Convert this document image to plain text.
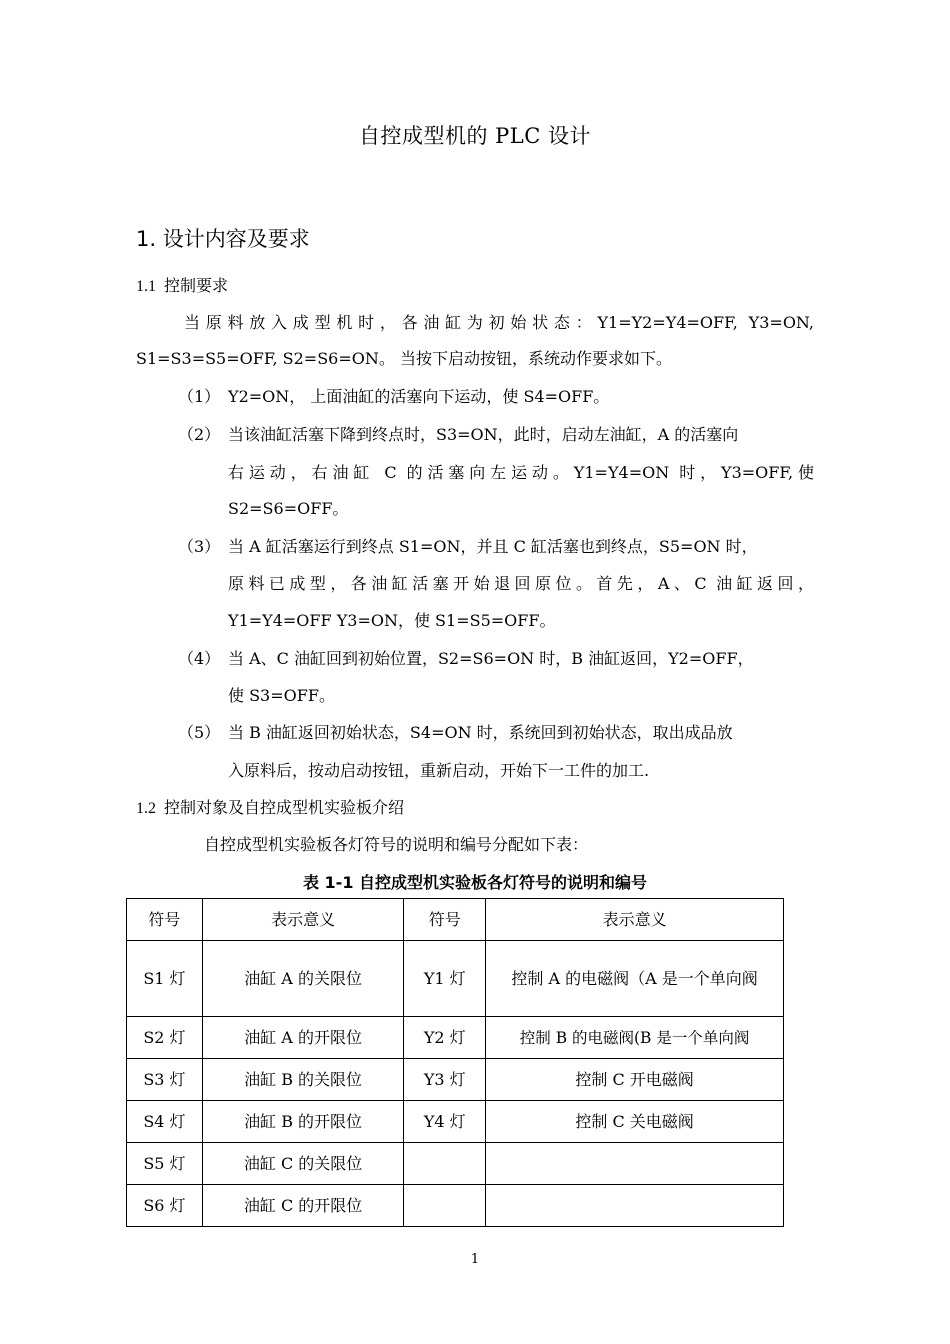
自控成型机的 PLC 设计
1. 设计内容及要求
1.1 控制要求
当原料放入成型机时，各油缸为初始状态：Y1=Y2=Y4=OFF, Y3=ON,
S1=S3=S5=OFF, S2=S6=ON。 当按下启动按钮，系统动作要求如下。
（1） Y2=ON， 上面油缸的活塞向下运动，使 S4=OFF。
（2） 当该油缸活塞下降到终点时，S3=ON，此时，启动左油缸，A 的活塞向
右运动，右油缸 C 的活塞向左运动。Y1=Y4=ON 时，Y3=OFF,使
S2=S6=OFF。
（3） 当 A 缸活塞运行到终点 S1=ON，并且 C 缸活塞也到终点，S5=ON 时，
原料已成型，各油缸活塞开始退回原位。首先，A、C 油缸返回，
Y1=Y4=OFF Y3=ON，使 S1=S5=OFF。
（4） 当 A、C 油缸回到初始位置，S2=S6=ON 时，B 油缸返回，Y2=OFF，
使 S3=OFF。
（5） 当 B 油缸返回初始状态，S4=ON 时，系统回到初始状态，取出成品放
入原料后，按动启动按钮，重新启动，开始下一工件的加工.
1.2 控制对象及自控成型机实验板介绍
自控成型机实验板各灯符号的说明和编号分配如下表：
表 1-1 自控成型机实验板各灯符号的说明和编号
符号	表示意义	符号	表示意义
S1 灯	油缸 A 的关限位	Y1 灯	控制 A 的电磁阀（A 是一个单向阀
S2 灯	油缸 A 的开限位	Y2 灯	控制 B 的电磁阀(B 是一个单向阀
S3 灯	油缸 B 的关限位	Y3 灯	控制 C 开电磁阀
S4 灯	油缸 B 的开限位	Y4 灯	控制 C 关电磁阀
S5 灯	油缸 C 的关限位		
S6 灯	油缸 C 的开限位		
1
